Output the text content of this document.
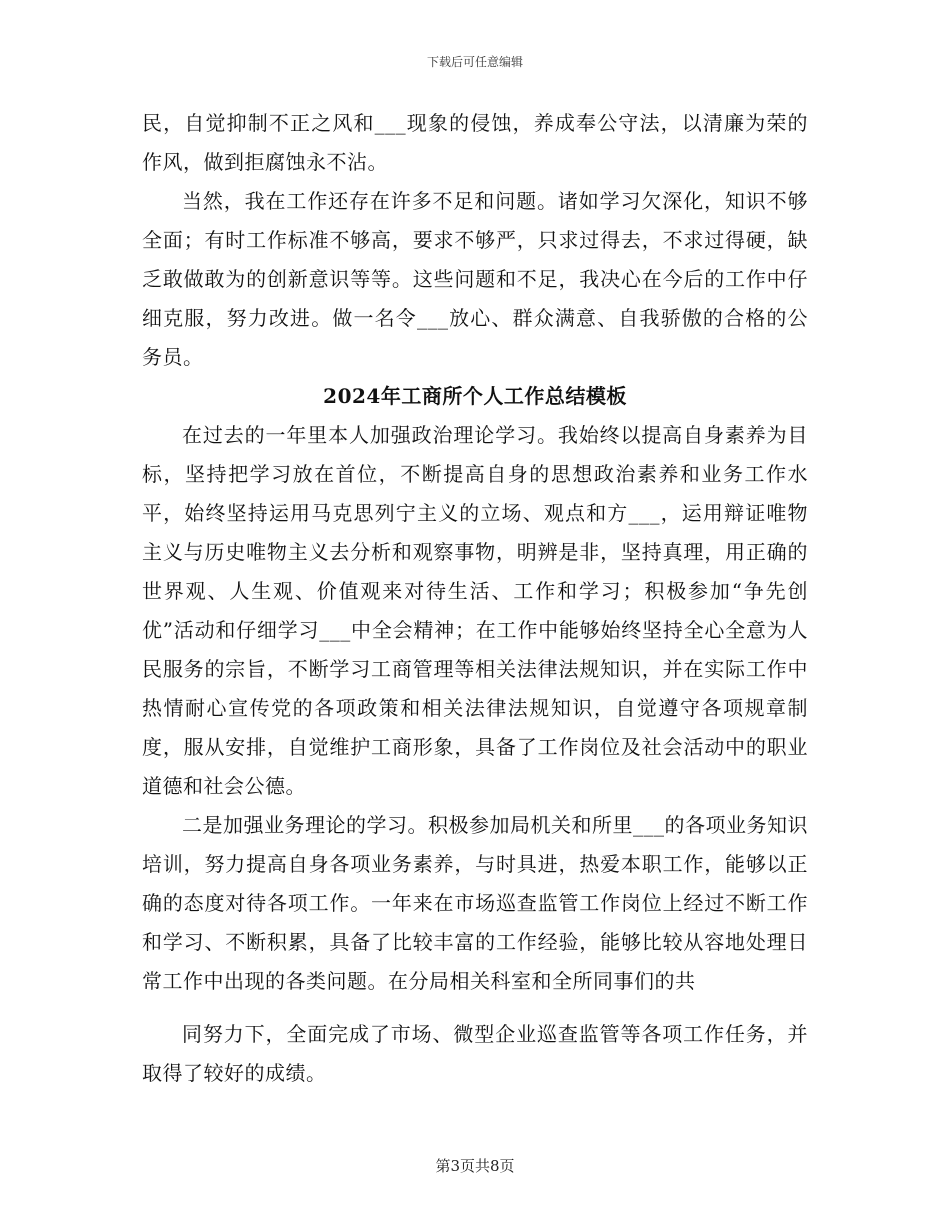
下载后可任意编辑

民，自觉抑制不正之风和___现象的侵蚀，养成奉公守法，以清廉为荣的作风，做到拒腐蚀永不沾。

当然，我在工作还存在许多不足和问题。诸如学习欠深化，知识不够全面；有时工作标准不够高，要求不够严，只求过得去，不求过得硬，缺乏敢做敢为的创新意识等等。这些问题和不足，我决心在今后的工作中仔细克服，努力改进。做一名令___放心、群众满意、自我骄傲的合格的公务员。

2024年工商所个人工作总结模板

在过去的一年里本人加强政治理论学习。我始终以提高自身素养为目标，坚持把学习放在首位，不断提高自身的思想政治素养和业务工作水平，始终坚持运用马克思列宁主义的立场、观点和方___，运用辩证唯物主义与历史唯物主义去分析和观察事物，明辨是非，坚持真理，用正确的世界观、人生观、价值观来对待生活、工作和学习；积极参加“争先创优”活动和仔细学习___中全会精神；在工作中能够始终坚持全心全意为人民服务的宗旨，不断学习工商管理等相关法律法规知识，并在实际工作中热情耐心宣传党的各项政策和相关法律法规知识，自觉遵守各项规章制度，服从安排，自觉维护工商形象，具备了工作岗位及社会活动中的职业道德和社会公德。

二是加强业务理论的学习。积极参加局机关和所里___的各项业务知识培训，努力提高自身各项业务素养，与时具进，热爱本职工作，能够以正确的态度对待各项工作。一年来在市场巡查监管工作岗位上经过不断工作和学习、不断积累，具备了比较丰富的工作经验，能够比较从容地处理日常工作中出现的各类问题。在分局相关科室和全所同事们的共

同努力下，全面完成了市场、微型企业巡查监管等各项工作任务，并取得了较好的成绩。

第3页共8页
